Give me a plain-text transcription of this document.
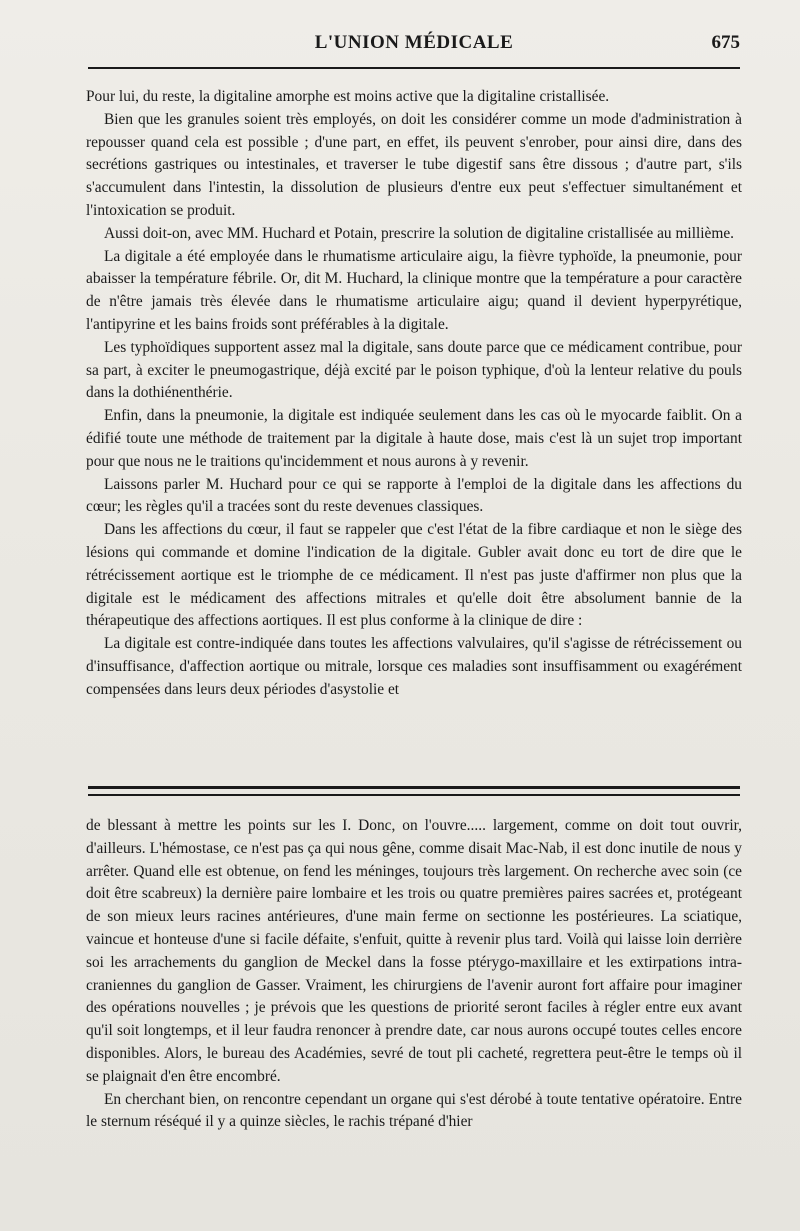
L'UNION MÉDICALE	675

Pour lui, du reste, la digitaline amorphe est moins active que la digitaline cristallisée.

Bien que les granules soient très employés, on doit les considérer comme un mode d'administration à repousser quand cela est possible ; d'une part, en effet, ils peuvent s'enrober, pour ainsi dire, dans des secrétions gastriques ou intestinales, et traverser le tube digestif sans être dissous ; d'autre part, s'ils s'accumulent dans l'intestin, la dissolution de plusieurs d'entre eux peut s'effectuer simultanément et l'intoxication se produit.

Aussi doit-on, avec MM. Huchard et Potain, prescrire la solution de digitaline cristallisée au millième.

La digitale a été employée dans le rhumatisme articulaire aigu, la fièvre typhoïde, la pneumonie, pour abaisser la température fébrile. Or, dit M. Huchard, la clinique montre que la température a pour caractère de n'être jamais très élevée dans le rhumatisme articulaire aigu; quand il devient hyperpyrétique, l'antipyrine et les bains froids sont préférables à la digitale.

Les typhoïdiques supportent assez mal la digitale, sans doute parce que ce médicament contribue, pour sa part, à exciter le pneumogastrique, déjà excité par le poison typhique, d'où la lenteur relative du pouls dans la dothiénenthérie.

Enfin, dans la pneumonie, la digitale est indiquée seulement dans les cas où le myocarde faiblit. On a édifié toute une méthode de traitement par la digitale à haute dose, mais c'est là un sujet trop important pour que nous ne le traitions qu'incidemment et nous aurons à y revenir.

Laissons parler M. Huchard pour ce qui se rapporte à l'emploi de la digitale dans les affections du cœur; les règles qu'il a tracées sont du reste devenues classiques.

Dans les affections du cœur, il faut se rappeler que c'est l'état de la fibre cardiaque et non le siège des lésions qui commande et domine l'indication de la digitale. Gubler avait donc eu tort de dire que le rétrécissement aortique est le triomphe de ce médicament. Il n'est pas juste d'affirmer non plus que la digitale est le médicament des affections mitrales et qu'elle doit être absolument bannie de la thérapeutique des affections aortiques. Il est plus conforme à la clinique de dire :

La digitale est contre-indiquée dans toutes les affections valvulaires, qu'il s'agisse de rétrécissement ou d'insuffisance, d'affection aortique ou mitrale, lorsque ces maladies sont insuffisamment ou exagérément compensées dans leurs deux périodes d'asystolie et

de blessant à mettre les points sur les I. Donc, on l'ouvre..... largement, comme on doit tout ouvrir, d'ailleurs. L'hémostase, ce n'est pas ça qui nous gêne, comme disait Mac-Nab, il est donc inutile de nous y arrêter. Quand elle est obtenue, on fend les méninges, toujours très largement. On recherche avec soin (ce doit être scabreux) la dernière paire lombaire et les trois ou quatre premières paires sacrées et, protégeant de son mieux leurs racines antérieures, d'une main ferme on sectionne les postérieures. La sciatique, vaincue et honteuse d'une si facile défaite, s'enfuit, quitte à revenir plus tard. Voilà qui laisse loin derrière soi les arrachements du ganglion de Meckel dans la fosse ptérygo-maxillaire et les extirpations intra-craniennes du ganglion de Gasser. Vraiment, les chirurgiens de l'avenir auront fort affaire pour imaginer des opérations nouvelles ; je prévois que les questions de priorité seront faciles à régler entre eux avant qu'il soit longtemps, et il leur faudra renoncer à prendre date, car nous aurons occupé toutes celles encore disponibles. Alors, le bureau des Académies, sevré de tout pli cacheté, regrettera peut-être le temps où il se plaignait d'en être encombré.

En cherchant bien, on rencontre cependant un organe qui s'est dérobé à toute tentative opératoire. Entre le sternum réséqué il y a quinze siècles, le rachis trépané d'hier
